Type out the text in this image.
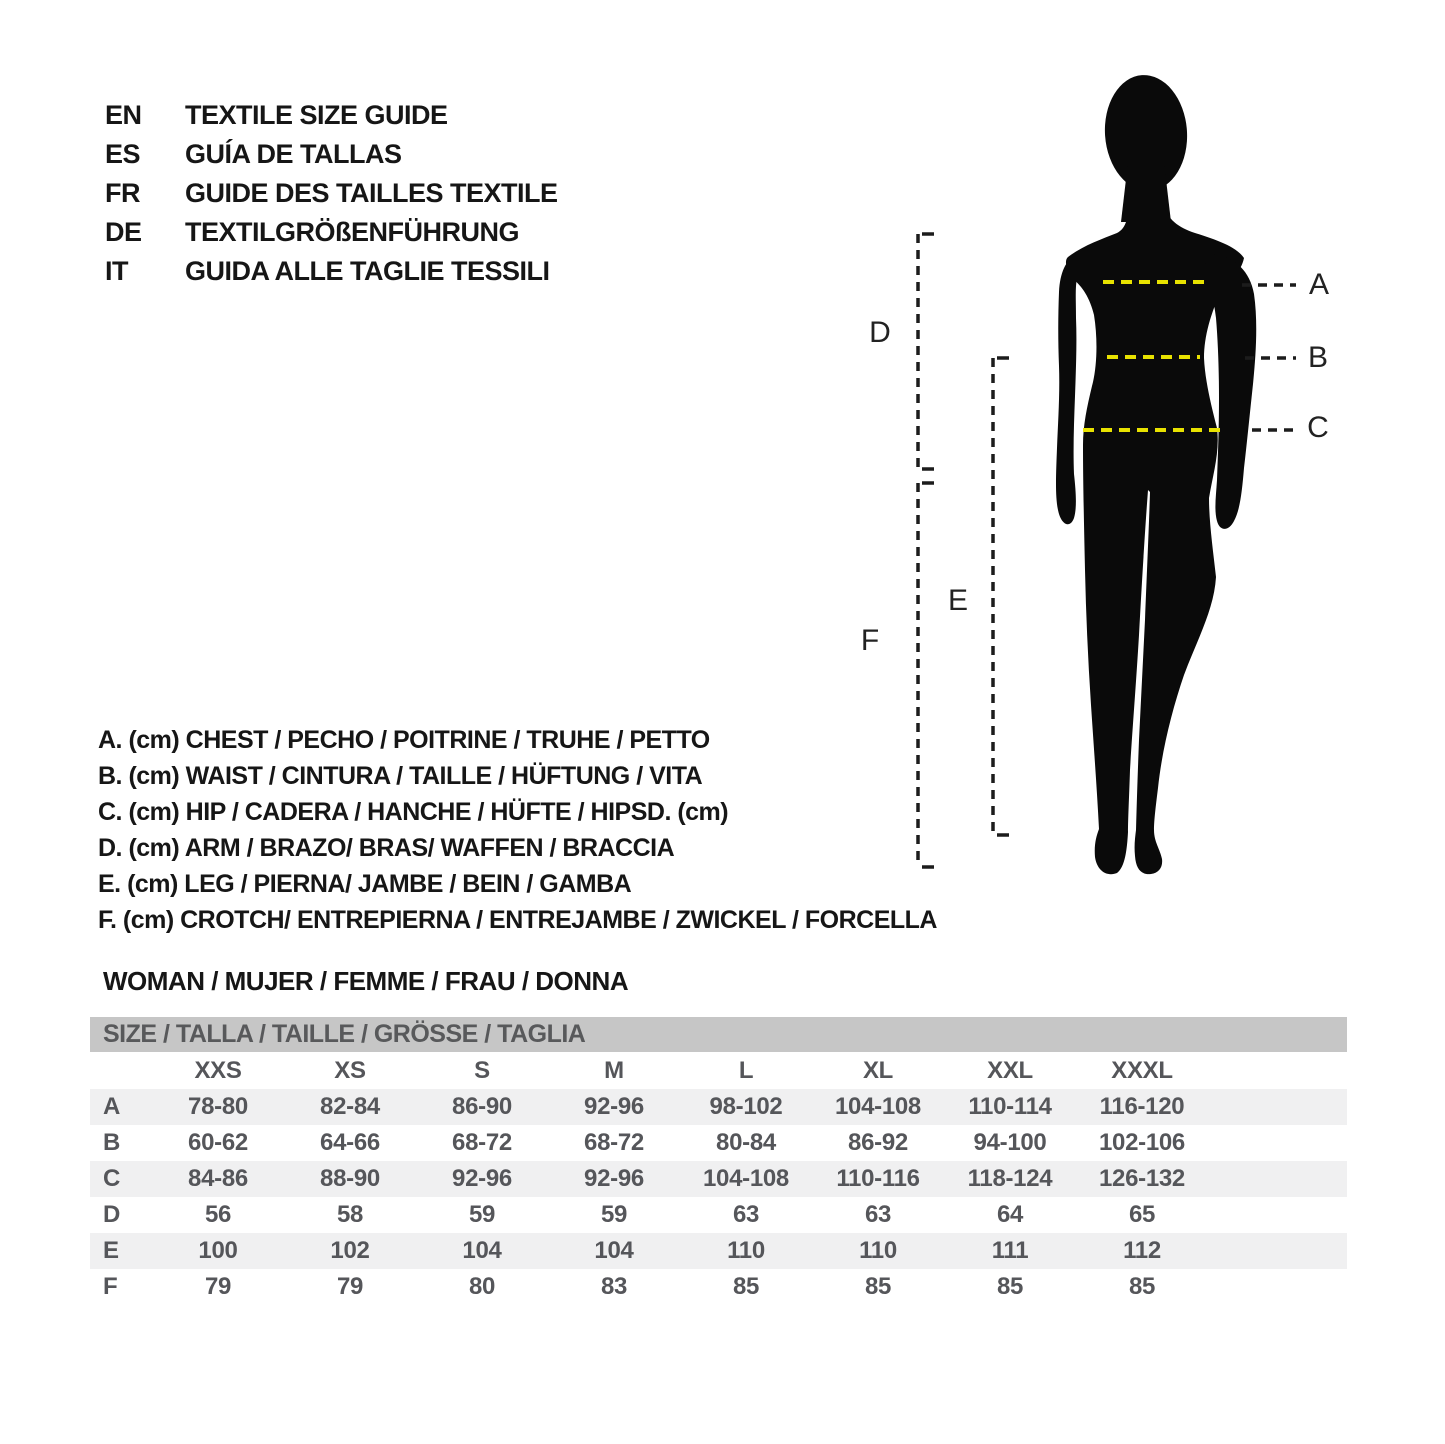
EN	TEXTILE SIZE GUIDE
ES	GUÍA DE TALLAS
FR	GUIDE DES TAILLES TEXTILE
DE	TEXTILGRÖßENFÜHRUNG
IT	GUIDA ALLE TAGLIE TESSILI	A
B
C
D
E
F
A. (cm) CHEST / PECHO / POITRINE / TRUHE / PETTO
B. (cm) WAIST / CINTURA / TAILLE / HÜFTUNG / VITA
C. (cm) HIP / CADERA / HANCHE / HÜFTE / HIPSD. (cm)
D. (cm) ARM / BRAZO/ BRAS/ WAFFEN / BRACCIA
E. (cm) LEG / PIERNA/ JAMBE / BEIN / GAMBA
F. (cm) CROTCH/ ENTREPIERNA / ENTREJAMBE / ZWICKEL / FORCELLA
WOMAN / MUJER / FEMME / FRAU / DONNA
SIZE / TALLA / TAILLE / GRÖSSE / TAGLIA
	XXS	XS	S	M	L	XL	XXL	XXXL	
A	78-80	82-84	86-90	92-96	98-102	104-108	110-114	116-120	
B	60-62	64-66	68-72	68-72	80-84	86-92	94-100	102-106	
C	84-86	88-90	92-96	92-96	104-108	110-116	118-124	126-132	
D	56	58	59	59	63	63	64	65	
E	100	102	104	104	110	110	111	112	
F	79	79	80	83	85	85	85	85	
